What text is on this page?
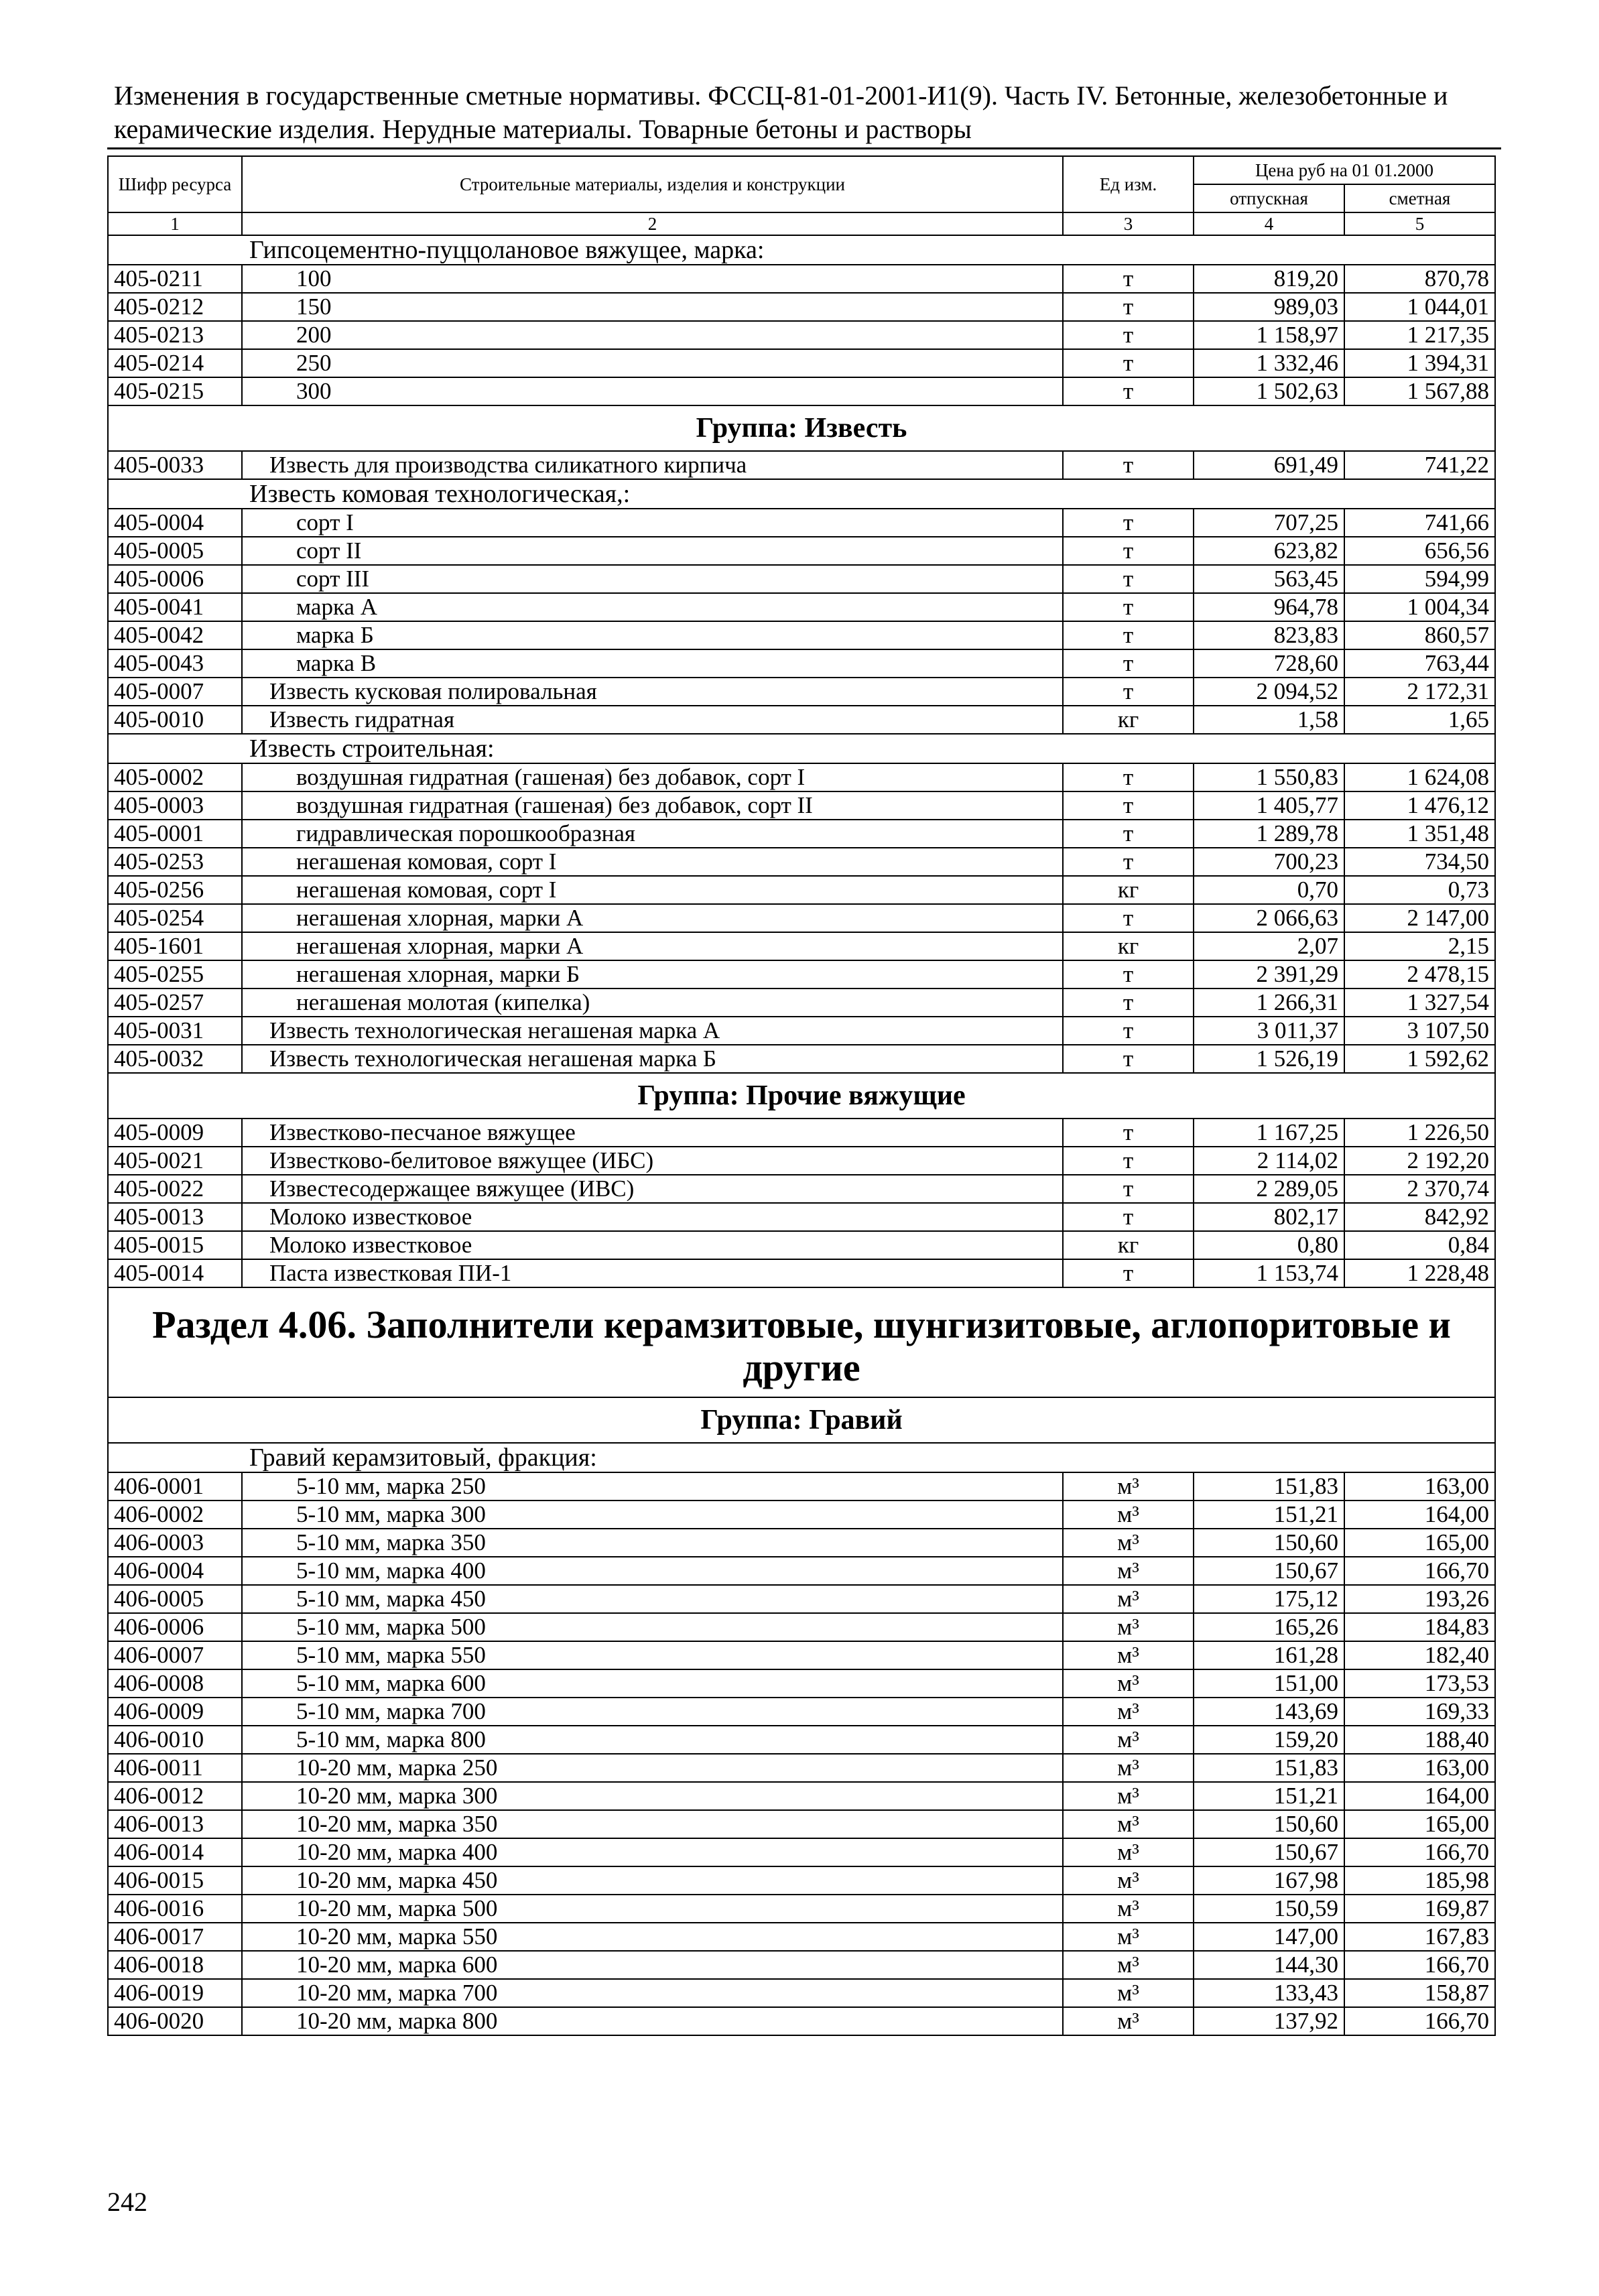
Изменения в государственные сметные нормативы. ФССЦ-81-01-2001-И1(9). Часть IV. Бетонные, железобетонные и керамические изделия. Нерудные материалы. Товарные бетоны и растворы
Шифр ресурса	Строительные материалы, изделия и конструкции	Ед изм.	Цена руб на 01 01.2000	
			отпускная	сметная
1	2	3	4	5
Гипсоцементно-пуццолановое вяжущее, марка:				
405-0211	100	т	819,20	870,78
405-0212	150	т	989,03	1 044,01
405-0213	200	т	1 158,97	1 217,35
405-0214	250	т	1 332,46	1 394,31
405-0215	300	т	1 502,63	1 567,88
Группа: Известь				
405-0033	Известь для производства силикатного кирпича	т	691,49	741,22
Известь комовая технологическая,:				
405-0004	сорт I	т	707,25	741,66
405-0005	сорт II	т	623,82	656,56
405-0006	сорт III	т	563,45	594,99
405-0041	марка А	т	964,78	1 004,34
405-0042	марка Б	т	823,83	860,57
405-0043	марка В	т	728,60	763,44
405-0007	Известь кусковая полировальная	т	2 094,52	2 172,31
405-0010	Известь гидратная	кг	1,58	1,65
Известь строительная:				
405-0002	воздушная гидратная (гашеная) без добавок, сорт I	т	1 550,83	1 624,08
405-0003	воздушная гидратная (гашеная) без добавок, сорт II	т	1 405,77	1 476,12
405-0001	гидравлическая порошкообразная	т	1 289,78	1 351,48
405-0253	негашеная комовая, сорт I	т	700,23	734,50
405-0256	негашеная комовая, сорт I	кг	0,70	0,73
405-0254	негашеная хлорная, марки А	т	2 066,63	2 147,00
405-1601	негашеная хлорная, марки А	кг	2,07	2,15
405-0255	негашеная хлорная, марки Б	т	2 391,29	2 478,15
405-0257	негашеная молотая (кипелка)	т	1 266,31	1 327,54
405-0031	Известь технологическая негашеная марка А	т	3 011,37	3 107,50
405-0032	Известь технологическая негашеная марка Б	т	1 526,19	1 592,62
Группа: Прочие вяжущие				
405-0009	Известково-песчаное вяжущее	т	1 167,25	1 226,50
405-0021	Известково-белитовое вяжущее (ИБС)	т	2 114,02	2 192,20
405-0022	Известесодержащее вяжущее (ИВС)	т	2 289,05	2 370,74
405-0013	Молоко известковое	т	802,17	842,92
405-0015	Молоко известковое	кг	0,80	0,84
405-0014	Паста известковая ПИ-1	т	1 153,74	1 228,48
Раздел 4.06. Заполнители керамзитовые, шунгизитовые, аглопоритовые и другие				
Группа: Гравий				
Гравий керамзитовый, фракция:				
406-0001	5-10 мм, марка 250	м³	151,83	163,00
406-0002	5-10 мм, марка 300	м³	151,21	164,00
406-0003	5-10 мм, марка 350	м³	150,60	165,00
406-0004	5-10 мм, марка 400	м³	150,67	166,70
406-0005	5-10 мм, марка 450	м³	175,12	193,26
406-0006	5-10 мм, марка 500	м³	165,26	184,83
406-0007	5-10 мм, марка 550	м³	161,28	182,40
406-0008	5-10 мм, марка 600	м³	151,00	173,53
406-0009	5-10 мм, марка 700	м³	143,69	169,33
406-0010	5-10 мм, марка 800	м³	159,20	188,40
406-0011	10-20 мм, марка 250	м³	151,83	163,00
406-0012	10-20 мм, марка 300	м³	151,21	164,00
406-0013	10-20 мм, марка 350	м³	150,60	165,00
406-0014	10-20 мм, марка 400	м³	150,67	166,70
406-0015	10-20 мм, марка 450	м³	167,98	185,98
406-0016	10-20 мм, марка 500	м³	150,59	169,87
406-0017	10-20 мм, марка 550	м³	147,00	167,83
406-0018	10-20 мм, марка 600	м³	144,30	166,70
406-0019	10-20 мм, марка 700	м³	133,43	158,87
406-0020	10-20 мм, марка 800	м³	137,92	166,70
242
